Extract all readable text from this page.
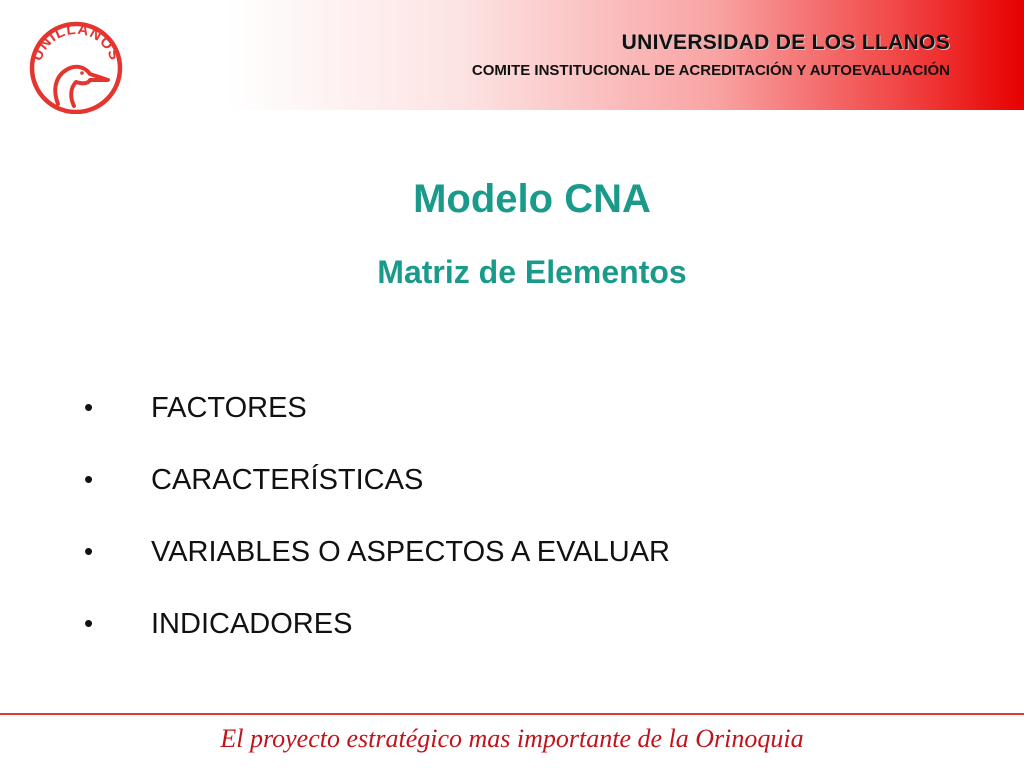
UNILLANOS
UNIVERSIDAD DE LOS LLANOS
COMITE INSTITUCIONAL DE ACREDITACIÓN Y AUTOEVALUACIÓN
Modelo CNA
Matriz de Elementos
• FACTORES
• CARACTERÍSTICAS
• VARIABLES O ASPECTOS A EVALUAR
• INDICADORES
El proyecto estratégico mas importante de la Orinoquia
